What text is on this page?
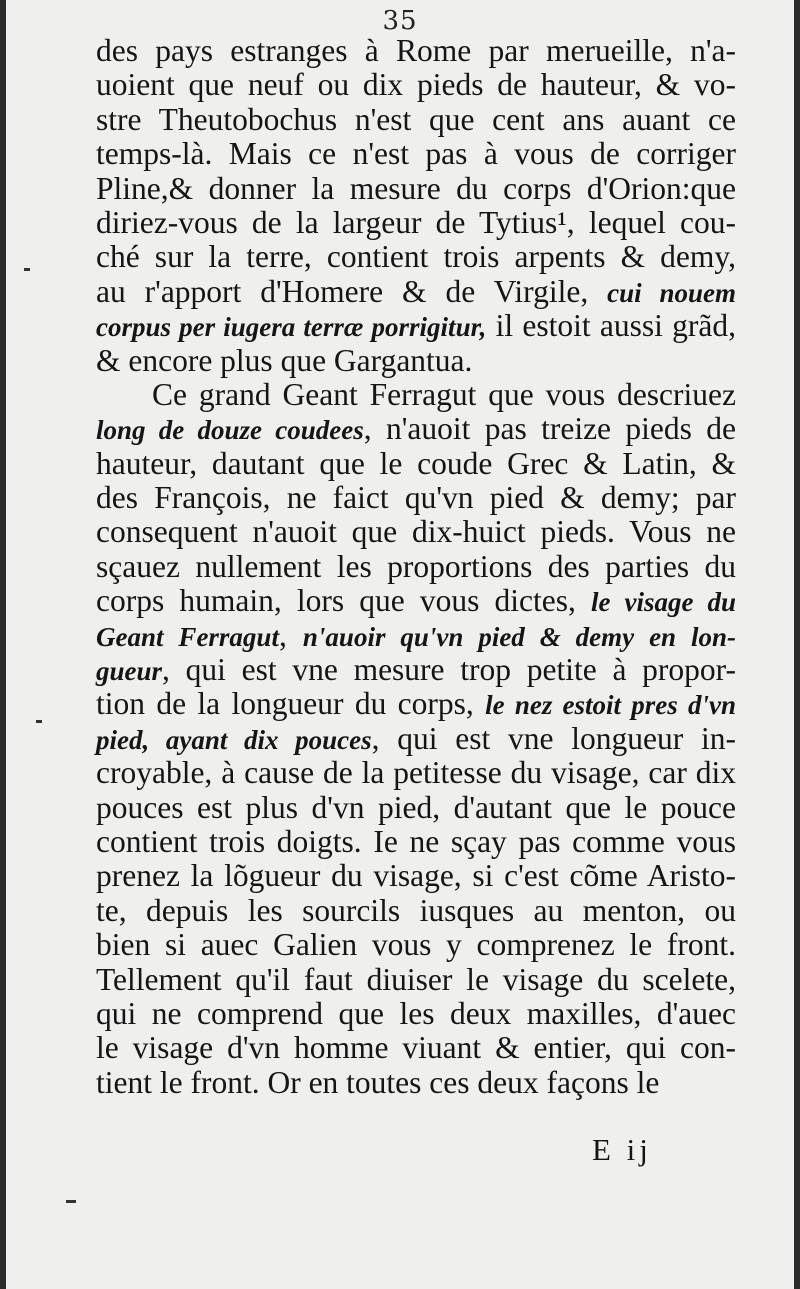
35
des pays estranges à Rome par merueille, n'a-
uoient que neuf ou dix pieds de hauteur, & vo-
stre Theutobochus n'est que cent ans auant ce
temps-là. Mais ce n'est pas à vous de corriger
Pline,& donner la mesure du corps d'Orion:que
diriez-vous de la largeur de Tytius¹, lequel cou-
ché sur la terre, contient trois arpents & demy,
au r'apport d'Homere & de Virgile, cui nouem
corpus per iugera terræ porrigitur, il estoit aussi grãd,
& encore plus que Gargantua.
Ce grand Geant Ferragut que vous descriuez
long de douze coudees, n'auoit pas treize pieds de
hauteur, dautant que le coude Grec & Latin, &
des François, ne faict qu'vn pied & demy; par
consequent n'auoit que dix-huict pieds. Vous ne
sçauez nullement les proportions des parties du
corps humain, lors que vous dictes, le visage du
Geant Ferragut, n'auoir qu'vn pied & demy en lon-
gueur, qui est vne mesure trop petite à propor-
tion de la longueur du corps, le nez estoit pres d'vn
pied, ayant dix pouces, qui est vne longueur in-
croyable, à cause de la petitesse du visage, car dix
pouces est plus d'vn pied, d'autant que le pouce
contient trois doigts. Ie ne sçay pas comme vous
prenez la lõgueur du visage, si c'est cõme Aristo-
te, depuis les sourcils iusques au menton, ou
bien si auec Galien vous y comprenez le front.
Tellement qu'il faut diuiser le visage du scelete,
qui ne comprend que les deux maxilles, d'auec
le visage d'vn homme viuant & entier, qui con-
tient le front. Or en toutes ces deux façons le
E ij
